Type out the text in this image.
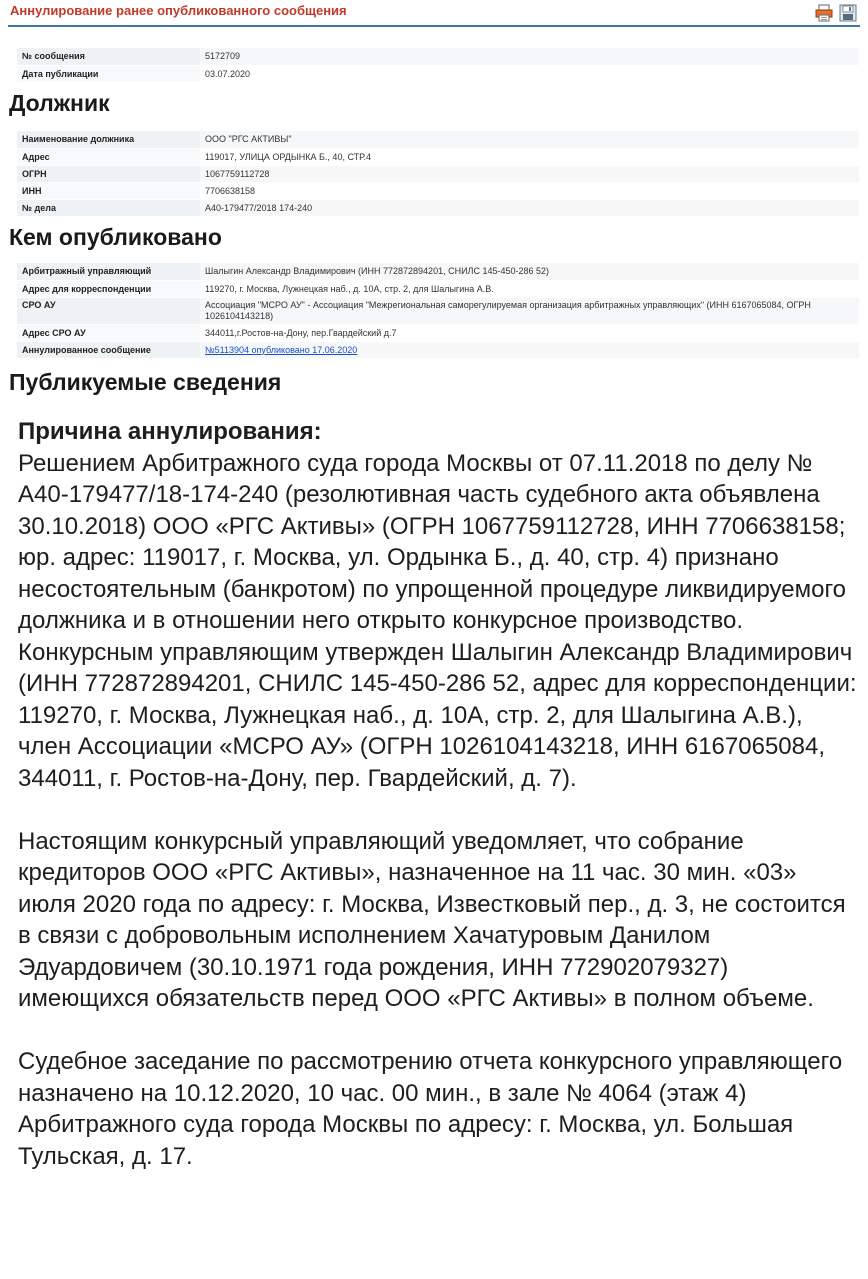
Аннулирование ранее опубликованного сообщения
№ сообщения	5172709
Дата публикации	03.07.2020
Должник
Наименование должника	ООО "РГС АКТИВЫ"
Адрес	119017, УЛИЦА ОРДЫНКА Б., 40, СТР.4
ОГРН	1067759112728
ИНН	7706638158
№ дела	А40-179477/2018 174-240
Кем опубликовано
Арбитражный управляющий	Шалыгин Александр Владимирович (ИНН 772872894201, СНИЛС 145-450-286 52)
Адрес для корреспонденции	119270, г. Москва, Лужнецкая наб., д. 10А, стр. 2, для Шалыгина А.В.
СРО АУ	Ассоциация "МСРО АУ" - Ассоциация "Межрегиональная саморегулируемая организация арбитражных управляющих" (ИНН 6167065084, ОГРН 1026104143218)
Адрес СРО АУ	344011,г.Ростов-на-Дону, пер.Гвардейский д.7
Аннулированное сообщение	№5113904 опубликовано 17.06.2020
Публикуемые сведения
Причина аннулирования:

Решением Арбитражного суда города Москвы от 07.11.2018 по делу № А40-179477/18-174-240 (резолютивная часть судебного акта объявлена 30.10.2018) ООО «РГС Активы» (ОГРН 1067759112728, ИНН 7706638158; юр. адрес: 119017, г. Москва, ул. Ордынка Б., д. 40, стр. 4) признано несостоятельным (банкротом) по упрощенной процедуре ликвидируемого должника и в отношении него открыто конкурсное производство. Конкурсным управляющим утвержден Шалыгин Александр Владимирович (ИНН 772872894201, СНИЛС 145-450-286 52, адрес для корреспонденции: 119270, г. Москва, Лужнецкая наб., д. 10А, стр. 2, для Шалыгина А.В.), член Ассоциации «МСРО АУ» (ОГРН 1026104143218, ИНН 6167065084, 344011, г. Ростов-на-Дону, пер. Гвардейский, д. 7).

Настоящим конкурсный управляющий уведомляет, что собрание кредиторов ООО «РГС Активы», назначенное на 11 час. 30 мин. «03» июля 2020 года по адресу: г. Москва, Известковый пер., д. 3, не состоится в связи с добровольным исполнением Хачатуровым Данилом Эдуардовичем (30.10.1971 года рождения, ИНН 772902079327) имеющихся обязательств перед ООО «РГС Активы» в полном объеме.

Судебное заседание по рассмотрению отчета конкурсного управляющего назначено на 10.12.2020, 10 час. 00 мин., в зале № 4064 (этаж 4) Арбитражного суда города Москвы по адресу: г. Москва, ул. Большая Тульская, д. 17.
